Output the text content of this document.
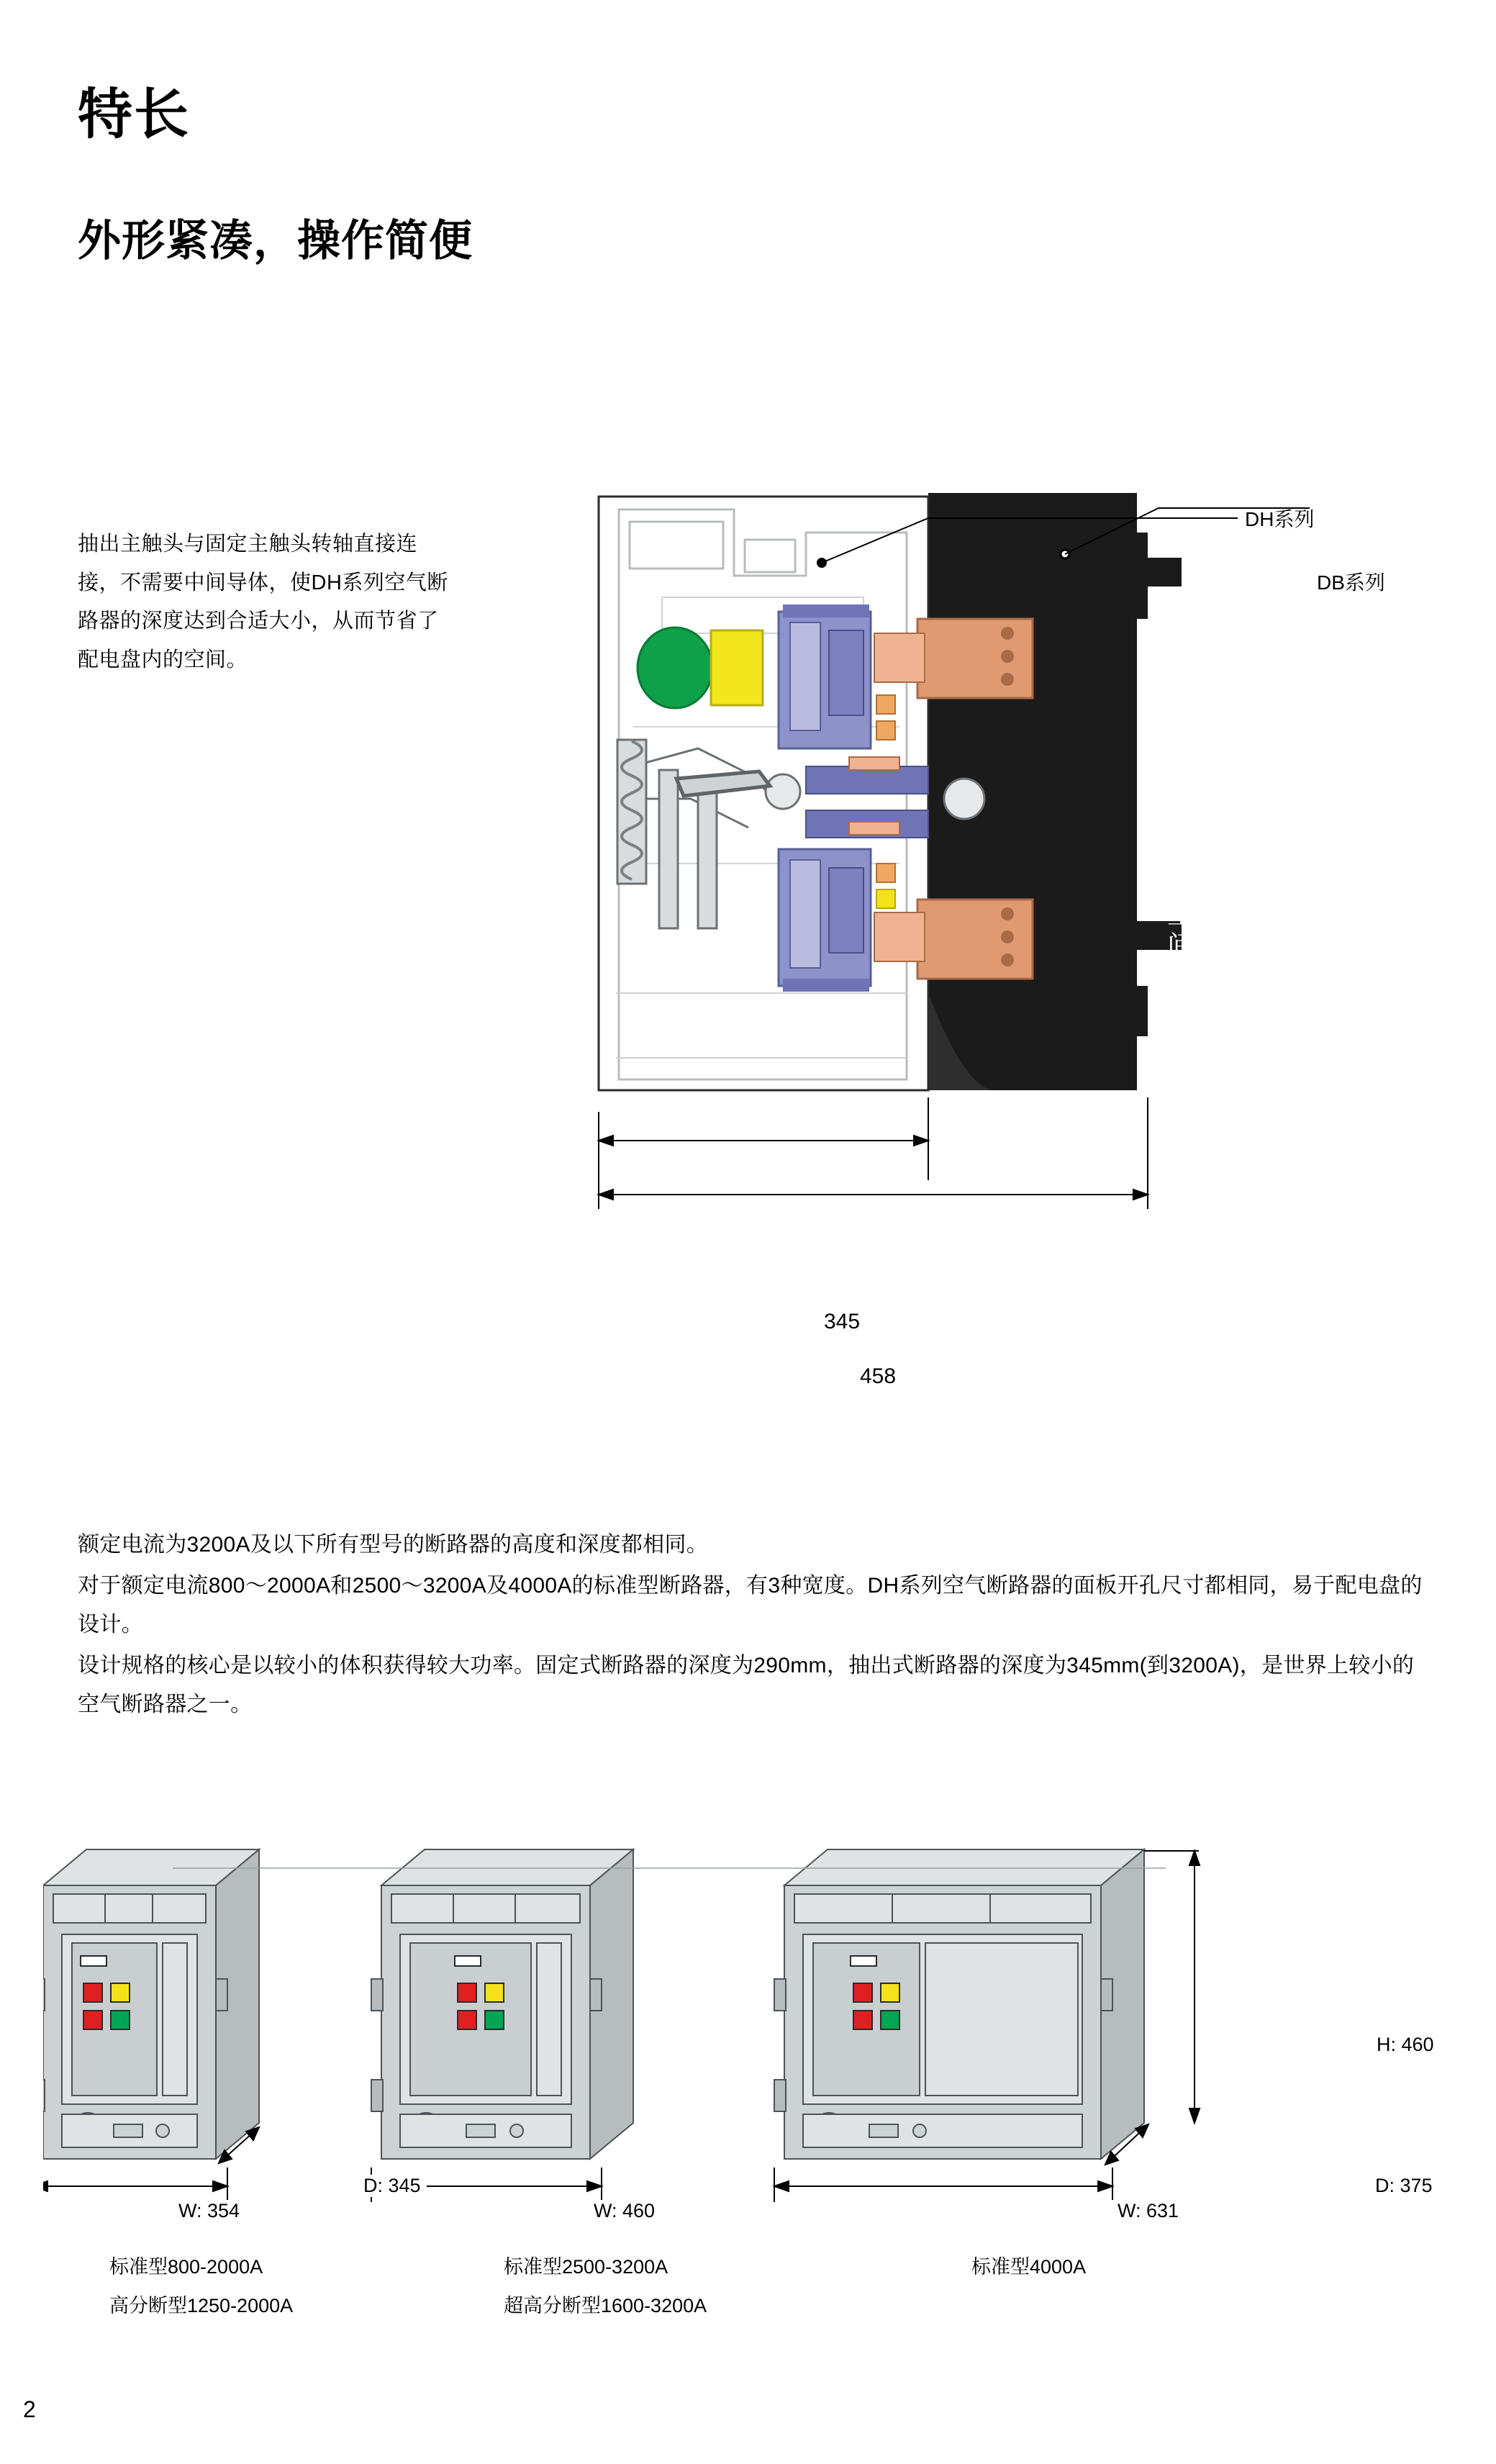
特长
外形紧凑，操作简便
抽出主触头与固定主触头转轴直接连接，不需要中间导体，使DH系列空气断路器的深度达到合适大小，从而节省了配电盘内的空间。
DH系列
DB系列
节省的空间
345
458

额定电流为3200A及以下所有型号的断路器的高度和深度都相同。

对于额定电流800～2000A和2500～3200A及4000A的标准型断路器，有3种宽度。DH系列空气断路器的面板开孔尺寸都相同，易于配电盘的设计。

设计规格的核心是以较小的体积获得较大功率。固定式断路器的深度为290mm，抽出式断路器的深度为345mm(到3200A)，是世界上较小的空气断路器之一。

W: 354	W: 460	W: 631
D: 345	D: 375
H: 460
标准型800-2000A
高分断型1250-2000A
标准型2500-3200A
超高分断型1600-3200A
标准型4000A
2
